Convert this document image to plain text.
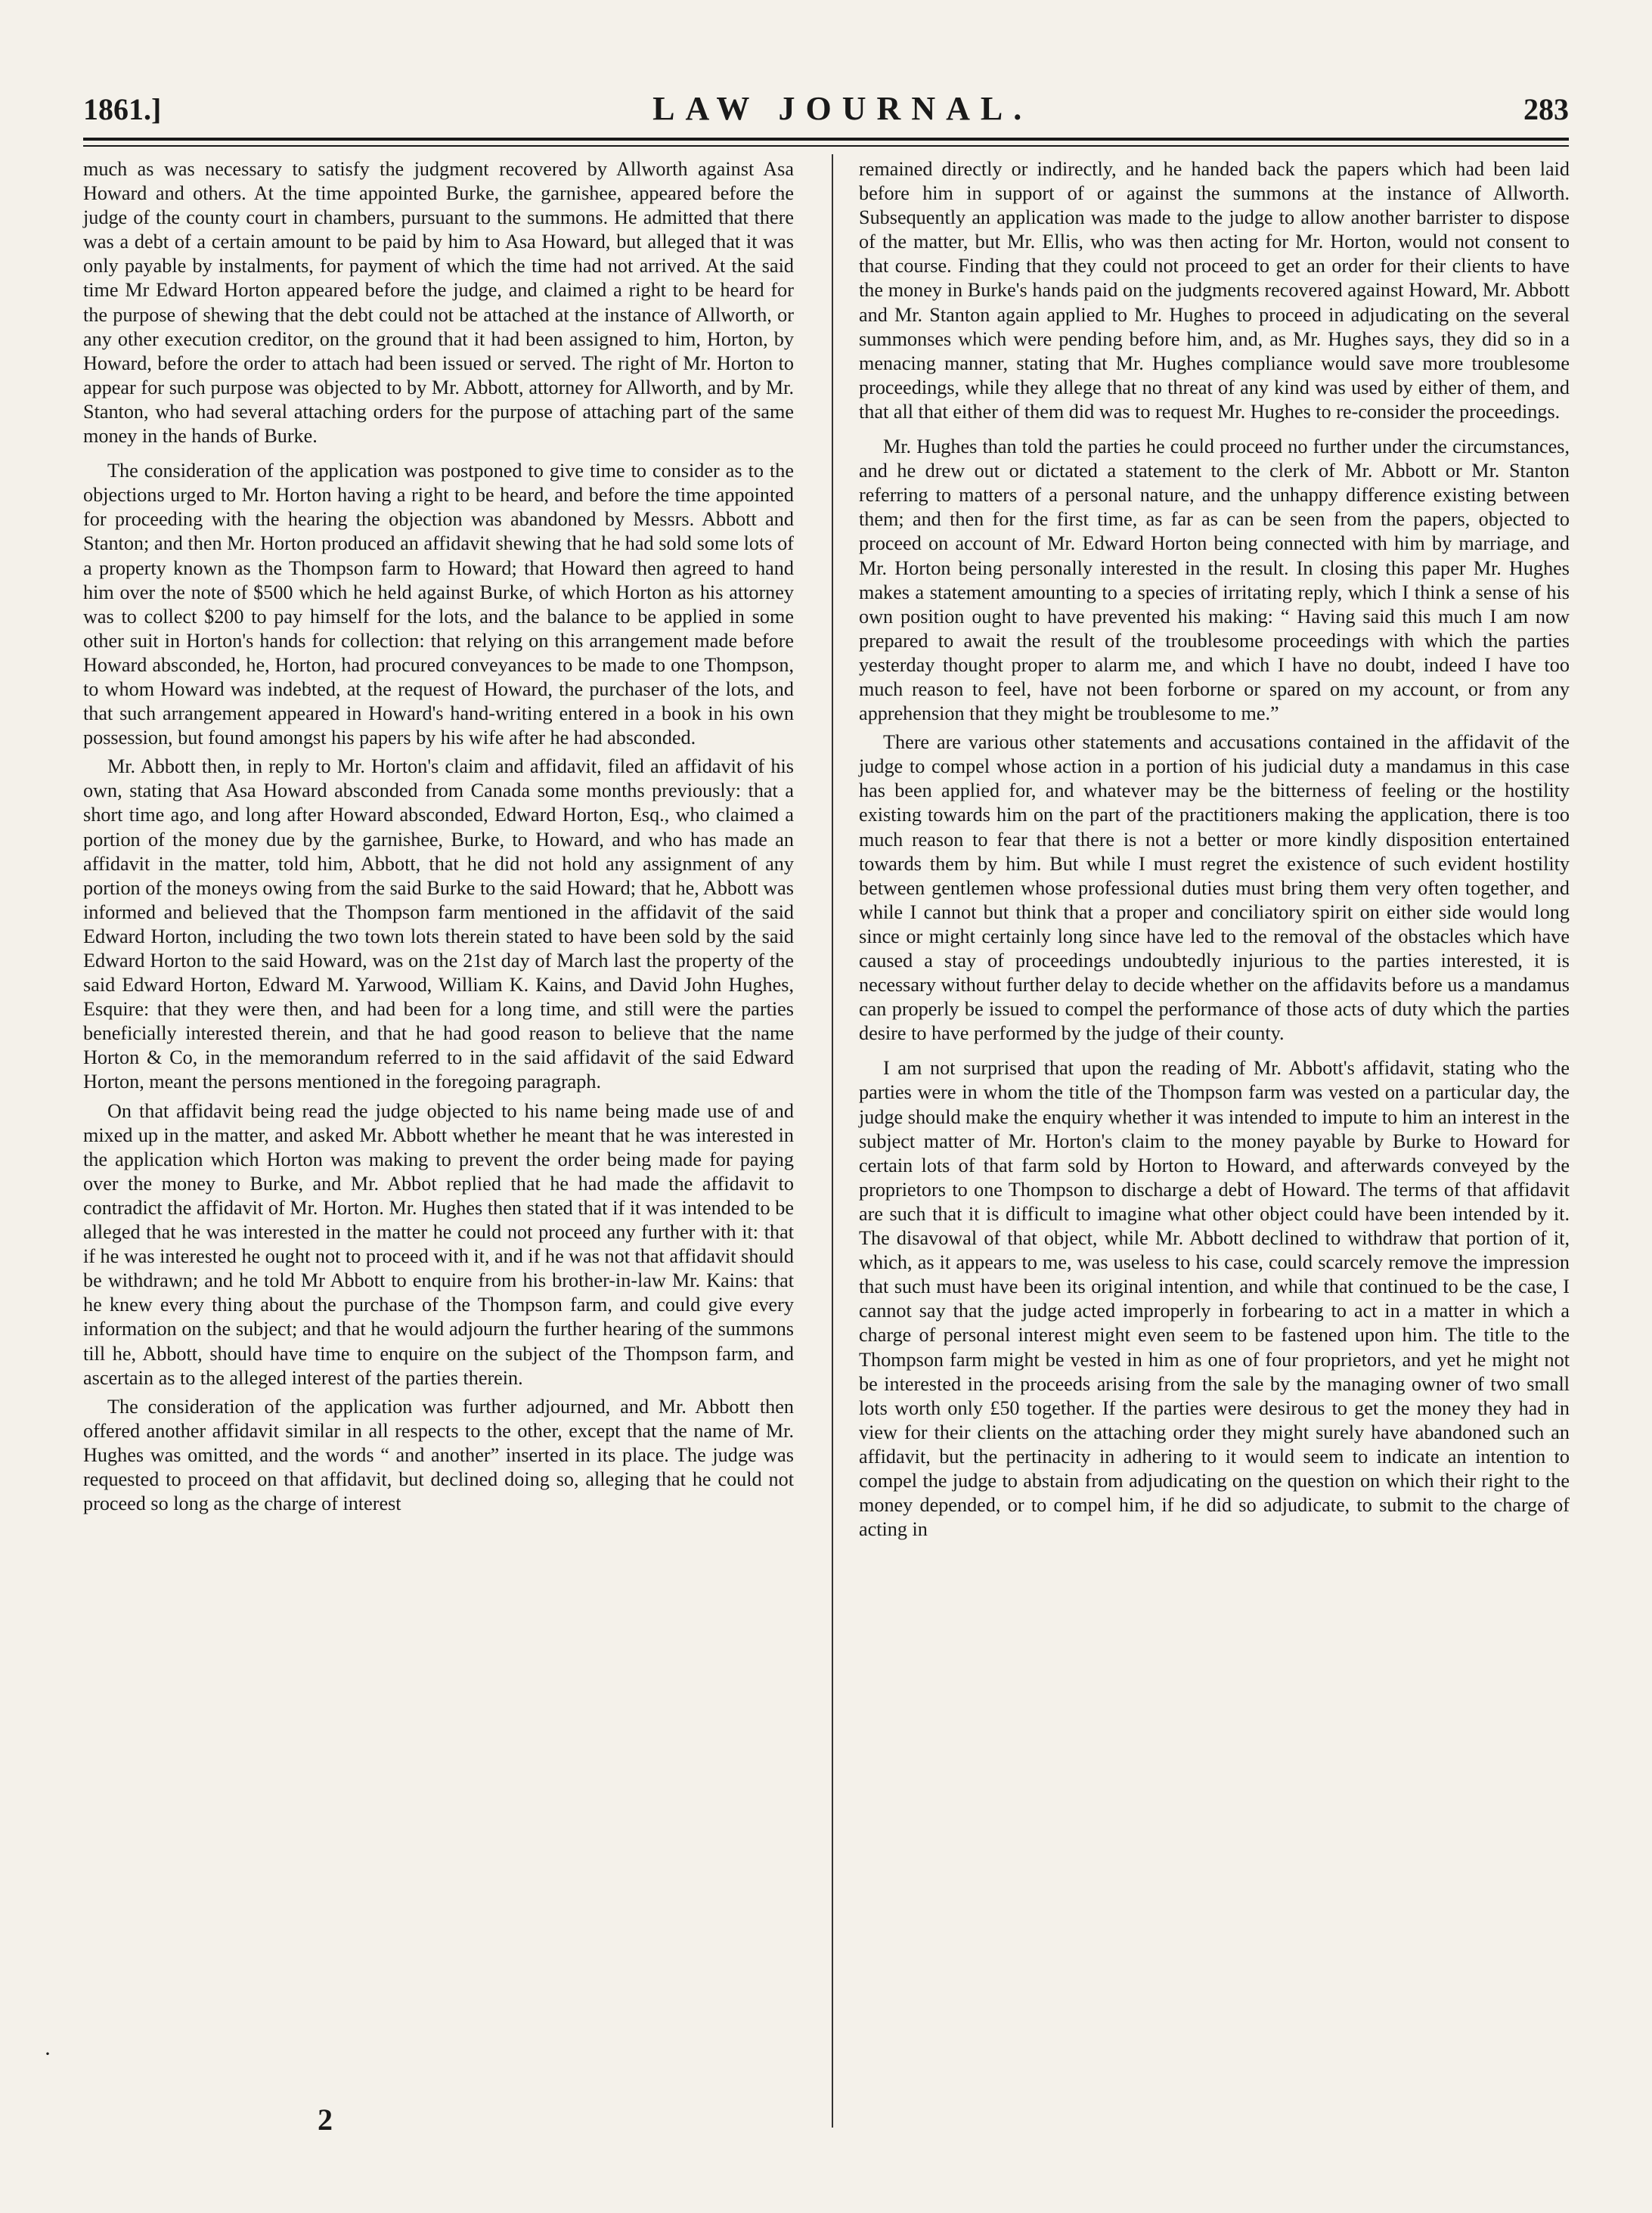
1861.]	LAW JOURNAL.	283

much as was necessary to satisfy the judgment recovered by Allworth against Asa Howard and others. At the time appointed Burke, the garnishee, appeared before the judge of the county court in chambers, pursuant to the summons. He admitted that there was a debt of a certain amount to be paid by him to Asa Howard, but alleged that it was only payable by instalments, for payment of which the time had not arrived. At the said time Mr Edward Horton appeared before the judge, and claimed a right to be heard for the purpose of shewing that the debt could not be attached at the instance of Allworth, or any other execution creditor, on the ground that it had been assigned to him, Horton, by Howard, before the order to attach had been issued or served. The right of Mr. Horton to appear for such purpose was objected to by Mr. Abbott, attorney for Allworth, and by Mr. Stanton, who had several attaching orders for the purpose of attaching part of the same money in the hands of Burke.

The consideration of the application was postponed to give time to consider as to the objections urged to Mr. Horton having a right to be heard, and before the time appointed for proceeding with the hearing the objection was abandoned by Messrs. Abbott and Stanton; and then Mr. Horton produced an affidavit shewing that he had sold some lots of a property known as the Thompson farm to Howard; that Howard then agreed to hand him over the note of $500 which he held against Burke, of which Horton as his attorney was to collect $200 to pay himself for the lots, and the balance to be applied in some other suit in Horton's hands for collection: that relying on this arrangement made before Howard absconded, he, Horton, had procured conveyances to be made to one Thompson, to whom Howard was indebted, at the request of Howard, the purchaser of the lots, and that such arrangement appeared in Howard's hand-writing entered in a book in his own possession, but found amongst his papers by his wife after he had absconded.

Mr. Abbott then, in reply to Mr. Horton's claim and affidavit, filed an affidavit of his own, stating that Asa Howard absconded from Canada some months previously: that a short time ago, and long after Howard absconded, Edward Horton, Esq., who claimed a portion of the money due by the garnishee, Burke, to Howard, and who has made an affidavit in the matter, told him, Abbott, that he did not hold any assignment of any portion of the moneys owing from the said Burke to the said Howard; that he, Abbott was informed and believed that the Thompson farm mentioned in the affidavit of the said Edward Horton, including the two town lots therein stated to have been sold by the said Edward Horton to the said Howard, was on the 21st day of March last the property of the said Edward Horton, Edward M. Yarwood, William K. Kains, and David John Hughes, Esquire: that they were then, and had been for a long time, and still were the parties beneficially interested therein, and that he had good reason to believe that the name Horton & Co, in the memorandum referred to in the said affidavit of the said Edward Horton, meant the persons mentioned in the foregoing paragraph.

On that affidavit being read the judge objected to his name being made use of and mixed up in the matter, and asked Mr. Abbott whether he meant that he was interested in the application which Horton was making to prevent the order being made for paying over the money to Burke, and Mr. Abbot replied that he had made the affidavit to contradict the affidavit of Mr. Horton. Mr. Hughes then stated that if it was intended to be alleged that he was interested in the matter he could not proceed any further with it: that if he was interested he ought not to proceed with it, and if he was not that affidavit should be withdrawn; and he told Mr Abbott to enquire from his brother-in-law Mr. Kains: that he knew every thing about the purchase of the Thompson farm, and could give every information on the subject; and that he would adjourn the further hearing of the summons till he, Abbott, should have time to enquire on the subject of the Thompson farm, and ascertain as to the alleged interest of the parties therein.

The consideration of the application was further adjourned, and Mr. Abbott then offered another affidavit similar in all respects to the other, except that the name of Mr. Hughes was omitted, and the words “ and another” inserted in its place. The judge was requested to proceed on that affidavit, but declined doing so, alleging that he could not proceed so long as the charge of interest

remained directly or indirectly, and he handed back the papers which had been laid before him in support of or against the summons at the instance of Allworth. Subsequently an application was made to the judge to allow another barrister to dispose of the matter, but Mr. Ellis, who was then acting for Mr. Horton, would not consent to that course. Finding that they could not proceed to get an order for their clients to have the money in Burke's hands paid on the judgments recovered against Howard, Mr. Abbott and Mr. Stanton again applied to Mr. Hughes to proceed in adjudicating on the several summonses which were pending before him, and, as Mr. Hughes says, they did so in a menacing manner, stating that Mr. Hughes compliance would save more troublesome proceedings, while they allege that no threat of any kind was used by either of them, and that all that either of them did was to request Mr. Hughes to re-consider the proceedings.

Mr. Hughes than told the parties he could proceed no further under the circumstances, and he drew out or dictated a statement to the clerk of Mr. Abbott or Mr. Stanton referring to matters of a personal nature, and the unhappy difference existing between them; and then for the first time, as far as can be seen from the papers, objected to proceed on account of Mr. Edward Horton being connected with him by marriage, and Mr. Horton being personally interested in the result. In closing this paper Mr. Hughes makes a statement amounting to a species of irritating reply, which I think a sense of his own position ought to have prevented his making: “ Having said this much I am now prepared to await the result of the troublesome proceedings with which the parties yesterday thought proper to alarm me, and which I have no doubt, indeed I have too much reason to feel, have not been forborne or spared on my account, or from any apprehension that they might be troublesome to me.”

There are various other statements and accusations contained in the affidavit of the judge to compel whose action in a portion of his judicial duty a mandamus in this case has been applied for, and whatever may be the bitterness of feeling or the hostility existing towards him on the part of the practitioners making the application, there is too much reason to fear that there is not a better or more kindly disposition entertained towards them by him. But while I must regret the existence of such evident hostility between gentlemen whose professional duties must bring them very often together, and while I cannot but think that a proper and conciliatory spirit on either side would long since or might certainly long since have led to the removal of the obstacles which have caused a stay of proceedings undoubtedly injurious to the parties interested, it is necessary without further delay to decide whether on the affidavits before us a mandamus can properly be issued to compel the performance of those acts of duty which the parties desire to have performed by the judge of their county.

I am not surprised that upon the reading of Mr. Abbott's affidavit, stating who the parties were in whom the title of the Thompson farm was vested on a particular day, the judge should make the enquiry whether it was intended to impute to him an interest in the subject matter of Mr. Horton's claim to the money payable by Burke to Howard for certain lots of that farm sold by Horton to Howard, and afterwards conveyed by the proprietors to one Thompson to discharge a debt of Howard. The terms of that affidavit are such that it is difficult to imagine what other object could have been intended by it. The disavowal of that object, while Mr. Abbott declined to withdraw that portion of it, which, as it appears to me, was useless to his case, could scarcely remove the impression that such must have been its original intention, and while that continued to be the case, I cannot say that the judge acted improperly in forbearing to act in a matter in which a charge of personal interest might even seem to be fastened upon him. The title to the Thompson farm might be vested in him as one of four proprietors, and yet he might not be interested in the proceeds arising from the sale by the managing owner of two small lots worth only £50 together. If the parties were desirous to get the money they had in view for their clients on the attaching order they might surely have abandoned such an affidavit, but the pertinacity in adhering to it would seem to indicate an intention to compel the judge to abstain from adjudicating on the question on which their right to the money depended, or to compel him, if he did so adjudicate, to submit to the charge of acting in

·
2
